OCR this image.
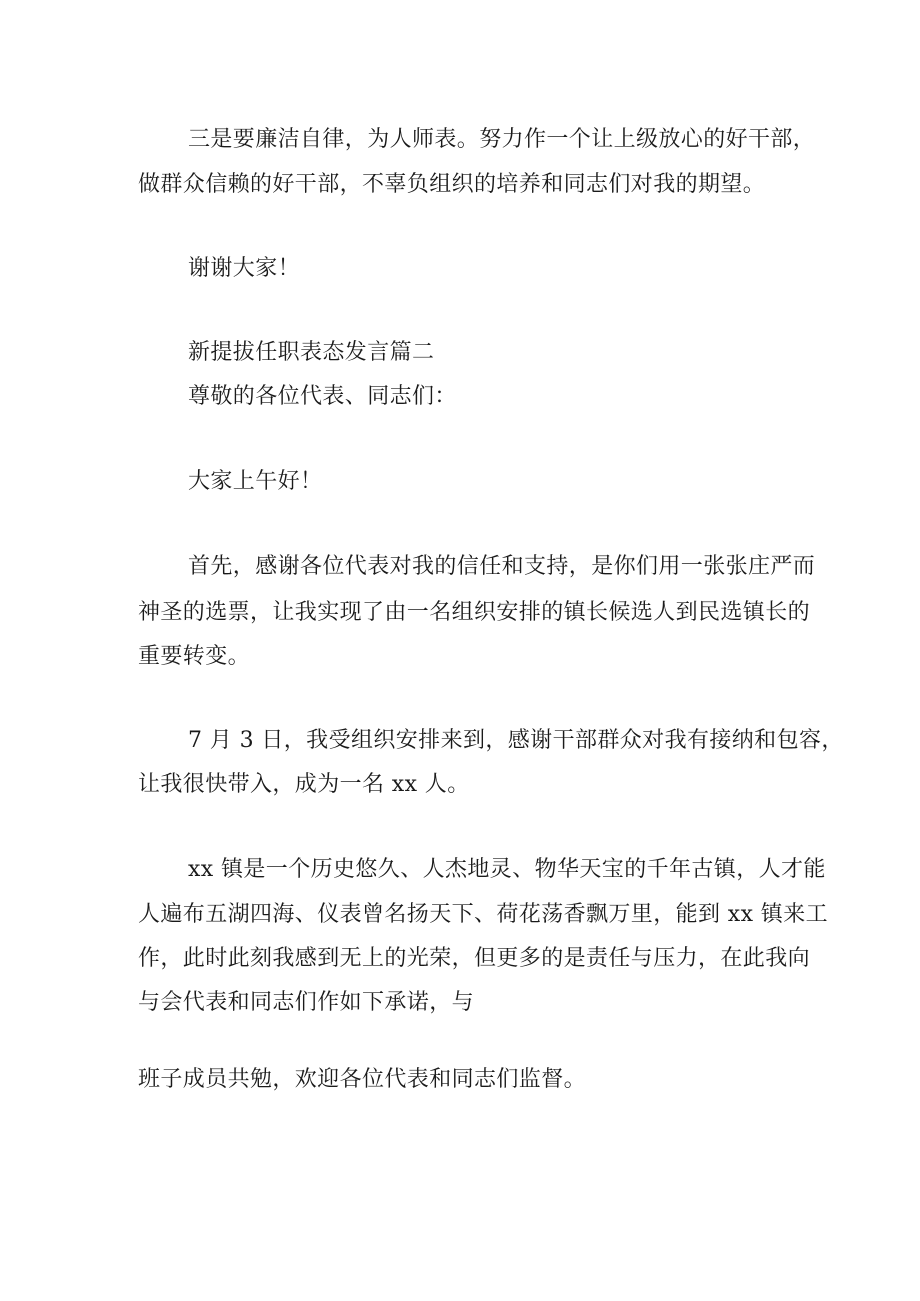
三是要廉洁自律，为人师表。努力作一个让上级放心的好干部，
做群众信赖的好干部，不辜负组织的培养和同志们对我的期望。
谢谢大家！
新提拔任职表态发言篇二
尊敬的各位代表、同志们：
大家上午好！
首先，感谢各位代表对我的信任和支持，是你们用一张张庄严而
神圣的选票，让我实现了由一名组织安排的镇长候选人到民选镇长的
重要转变。
7 月 3 日，我受组织安排来到，感谢干部群众对我有接纳和包容，
让我很快带入，成为一名 xx 人。
xx 镇是一个历史悠久、人杰地灵、物华天宝的千年古镇，人才能
人遍布五湖四海、仪表曾名扬天下、荷花荡香飘万里，能到 xx 镇来工
作，此时此刻我感到无上的光荣，但更多的是责任与压力，在此我向
与会代表和同志们作如下承诺，与
班子成员共勉，欢迎各位代表和同志们监督。
